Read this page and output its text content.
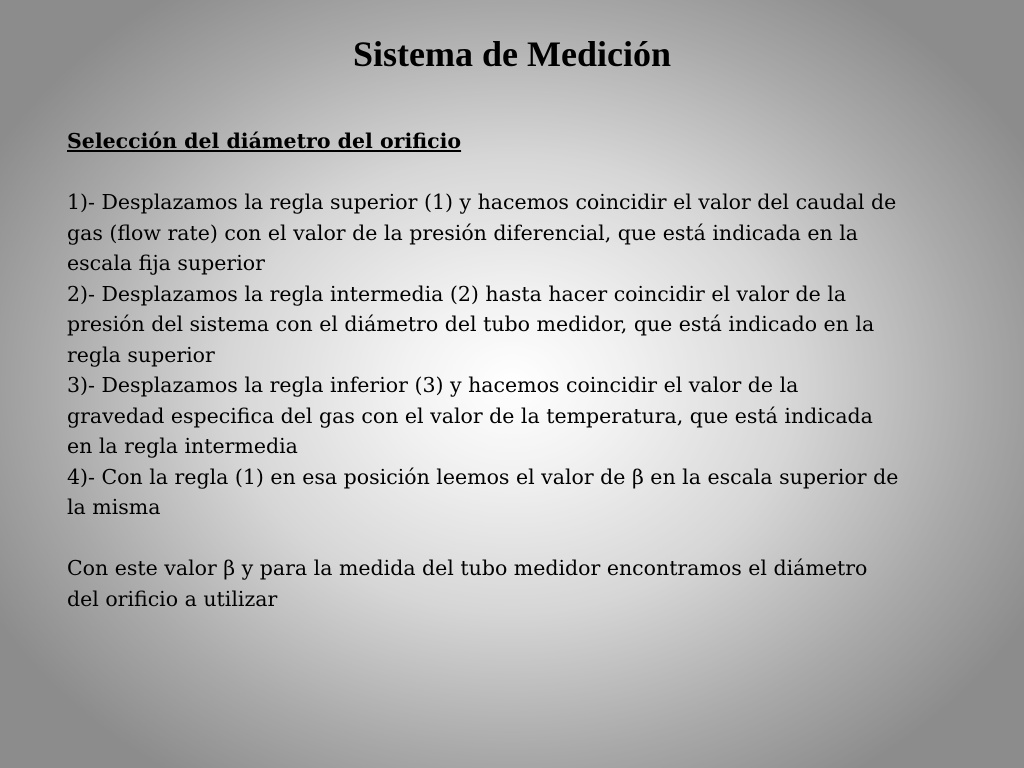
Sistema de Medición

Selección del diámetro del orificio

1)- Desplazamos la regla superior (1) y hacemos coincidir el valor del caudal de
gas (flow rate) con el valor de la presión diferencial, que está indicada en la
escala fija superior
2)- Desplazamos la regla intermedia (2) hasta hacer coincidir el valor de la
presión del sistema con el diámetro del tubo medidor, que está indicado en la
regla superior
3)- Desplazamos la regla inferior (3) y hacemos coincidir el valor de la
gravedad especifica del gas con el valor de la temperatura, que está indicada
en la regla intermedia
4)- Con la regla (1) en esa posición leemos el valor de β en la escala superior de
la misma
Con este valor β y para la medida del tubo medidor encontramos el diámetro
del orificio a utilizar
